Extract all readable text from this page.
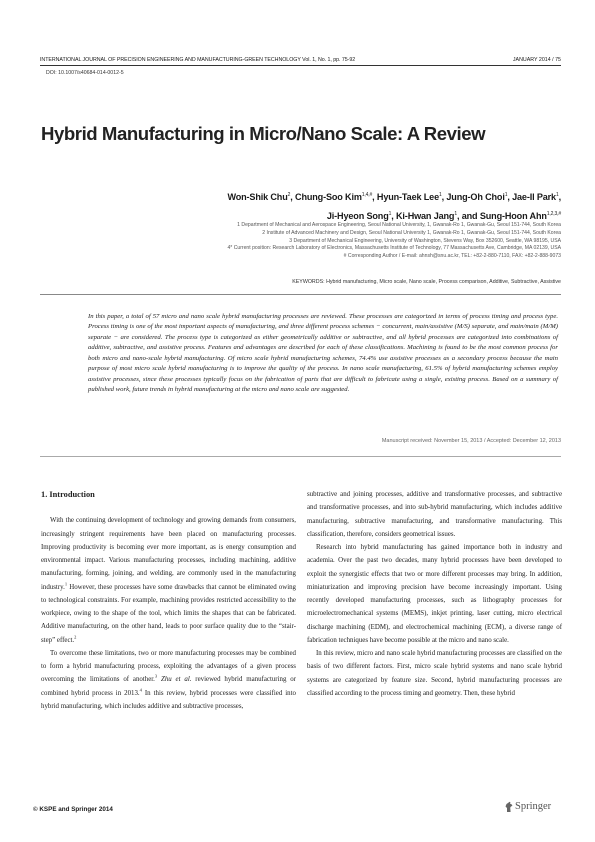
INTERNATIONAL JOURNAL OF PRECISION ENGINEERING AND MANUFACTURING-GREEN TECHNOLOGY Vol. 1, No. 1, pp. 75-92	JANUARY 2014 / 75
DOI: 10.1007/s40684-014-0012-5
Hybrid Manufacturing in Micro/Nano Scale: A Review
Won-Shik Chu$^2$, Chung-Soo Kim$^{1,4,\#}$, Hyun-Taek Lee$^1$, Jung-Oh Choi$^1$, Jae-Il Park$^1$,
Ji-Hyeon Song$^1$, Ki-Hwan Jang$^1$, and Sung-Hoon Ahn$^{1,2,3,\#}$
1 Department of Mechanical and Aerospace Engineering, Seoul National University, 1, Gwanak-Ro 1, Gwanak-Gu, Seoul 151-744, South Korea
2 Institute of Advanced Machinery and Design, Seoul National University 1, Gwanak-Ro 1, Gwanak-Gu, Seoul 151-744, South Korea
3 Department of Mechanical Engineering, University of Washington, Stevens Way, Box 352600, Seattle, WA 98195, USA
4* Current position: Research Laboratory of Electronics, Massachusetts Institute of Technology, 77 Massachusetts Ave, Cambridge, MA 02139, USA
# Corresponding Author / E-mail: ahnsh@snu.ac.kr, TEL: +82-2-880-7110, FAX: +82-2-888-9073
KEYWORDS: Hybrid manufacturing, Micro scale, Nano scale, Process comparison, Additive, Subtractive, Assistive
In this paper, a total of 57 micro and nano scale hybrid manufacturing processes are reviewed. These processes are categorized in terms of process timing and process type. Process timing is one of the most important aspects of manufacturing, and three different process schemes − concurrent, main/assistive (M/S) separate, and main/main (M/M) separate − are considered. The process type is categorized as either geometrically additive or subtractive, and all hybrid processes are categorized into combinations of additive, subtractive, and assistive process. Features and advantages are described for each of these classifications. Machining is found to be the most common process for both micro and nano-scale hybrid manufacturing. Of micro scale hybrid manufacturing schemes, 74.4% use assistive processes as a secondary process because the main purpose of most micro scale hybrid manufacturing is to improve the quality of the process. In nano scale manufacturing, 61.5% of hybrid manufacturing schemes employ assistive processes, since these processes typically focus on the fabrication of parts that are difficult to fabricate using a single, existing process. Based on a summary of published work, future trends in hybrid manufacturing at the micro and nano scale are suggested.
Manuscript received: November 15, 2013 / Accepted: December 12, 2013
1. Introduction

With the continuing development of technology and growing demands from consumers, increasingly stringent requirements have been placed on manufacturing processes. Improving productivity is becoming ever more important, as is energy consumption and environmental impact. Various manufacturing processes, including machining, additive manufacturing, forming, joining, and welding, are commonly used in the manufacturing industry.$^1$ However, these processes have some drawbacks that cannot be eliminated owing to technological constraints. For example, machining provides restricted accessibility to the workpiece, owing to the shape of the tool, which limits the shapes that can be fabricated. Additive manufacturing, on the other hand, leads to poor surface quality due to the “stair-step” effect.$^2$

To overcome these limitations, two or more manufacturing processes may be combined to form a hybrid manufacturing process, exploiting the advantages of a given process overcoming the limitations of another.$^3$ Zhu et al. reviewed hybrid manufacturing or combined hybrid process in 2013.$^4$ In this review, hybrid processes were classified into hybrid manufacturing, which includes additive and subtractive processes,

subtractive and joining processes, additive and transformative processes, and subtractive and transformative processes, and into sub-hybrid manufacturing, which includes additive manufacturing, subtractive manufacturing, and transformative manufacturing. This classification, therefore, considers geometrical issues.

Research into hybrid manufacturing has gained importance both in industry and academia. Over the past two decades, many hybrid processes have been developed to exploit the synergistic effects that two or more different processes may bring. In addition, miniaturization and improving precision have become increasingly important. Using recently developed manufacturing processes, such as lithography processes for microelectromechanical systems (MEMS), inkjet printing, laser cutting, micro electrical discharge machining (EDM), and electrochemical machining (ECM), a diverse range of fabrication techniques have become possible at the micro and nano scale.

In this review, micro and nano scale hybrid manufacturing processes are classified on the basis of two different factors. First, micro scale hybrid systems and nano scale hybrid systems are categorized by feature size. Second, hybrid manufacturing processes are classified according to the process timing and geometry. Then, these hybrid

© KSPE and Springer 2014	Springer
